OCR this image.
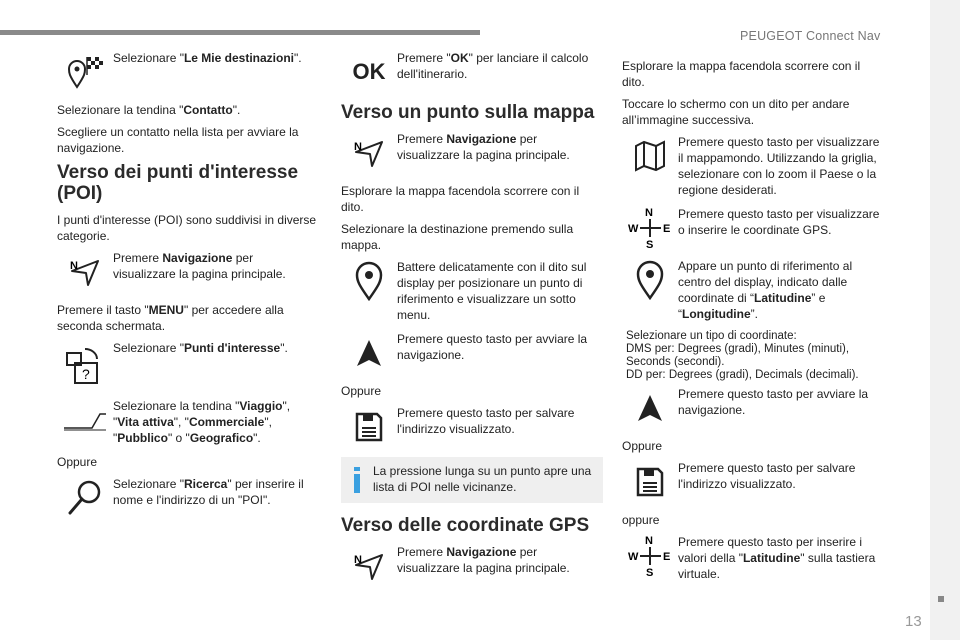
PEUGEOT Connect Nav
13
Selezionare "Le Mie destinazioni".

Selezionare la tendina "Contatto".

Scegliere un contatto nella lista per avviare la navigazione.

Verso dei punti d'interesse (POI)

I punti d'interesse (POI) sono suddivisi in diverse categorie.

N
Premere Navigazione per visualizzare la pagina principale.

Premere il tasto "MENU" per accedere alla seconda schermata.

?
Selezionare "Punti d'interesse".
Selezionare la tendina "Viaggio", "Vita attiva", "Commerciale", "Pubblico" o "Geografico".

Oppure

Selezionare "Ricerca" per inserire il nome e l'indirizzo di un "POI".
OK
Premere "OK" per lanciare il calcolo dell'itinerario.
Verso un punto sulla mappa
N
Premere Navigazione per visualizzare la pagina principale.

Esplorare la mappa facendola scorrere con il dito.

Selezionare la destinazione premendo sulla mappa.

Battere delicatamente con il dito sul display per posizionare un punto di riferimento e visualizzare un sotto menu.
Premere questo tasto per avviare la navigazione.

Oppure

Premere questo tasto per salvare l'indirizzo visualizzato.
La pressione lunga su un punto apre una lista di POI nelle vicinanze.
Verso delle coordinate GPS
N
Premere Navigazione per visualizzare la pagina principale.

Esplorare la mappa facendola scorrere con il dito.

Toccare lo schermo con un dito per andare all’immagine successiva.

Premere questo tasto per visualizzare il mappamondo. Utilizzando la griglia, selezionare con lo zoom il Paese o la regione desiderati.
N
S
W E
Premere questo tasto per visualizzare o inserire le coordinate GPS.
Appare un punto di riferimento al centro del display, indicato dalle coordinate di “Latitudine” e “Longitudine”.
Selezionare un tipo di coordinate:
DMS per: Degrees (gradi), Minutes (minuti), Seconds (secondi).
DD per: Degrees (gradi), Decimals (decimali).
Premere questo tasto per avviare la navigazione.

Oppure

Premere questo tasto per salvare l'indirizzo visualizzato.

oppure

N
S
W E
Premere questo tasto per inserire i valori della "Latitudine" sulla tastiera virtuale.
